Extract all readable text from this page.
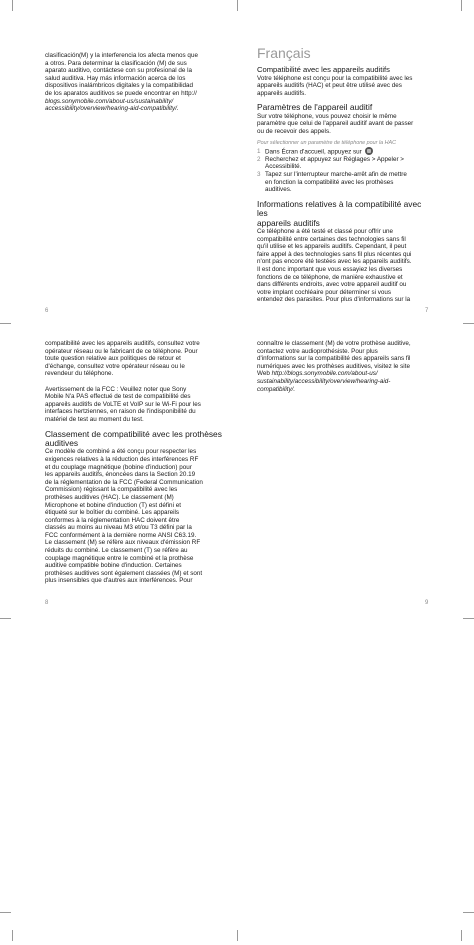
clasificación(M) y la interferencia los afecta menos que

a otros. Para determinar la clasificación (M) de sus

aparato auditivo, contáctese con su profesional de la

salud auditiva. Hay más información acerca de los

dispositivos inalámbricos digitales y la compatibilidad

de los aparatos auditivos se puede encontrar en http://

blogs.sonymobile.com/about-us/sustainability/

accessibility/overview/hearing-aid-compatibility/.

6
Français
Compatibilité avec les appareils auditifs

Votre téléphone est conçu pour la compatibilité avec les

appareils auditifs (HAC) et peut être utilisé avec des

appareils auditifs.

Paramètres de l'appareil auditif

Sur votre téléphone, vous pouvez choisir le même

paramètre que celui de l'appareil auditif avant de passer

ou de recevoir des appels.

Pour sélectionner un paramètre de téléphone pour la HAC
1 Dans Écran d'accueil, appuyez sur
2 Recherchez et appuyez sur Réglages > Appeler >
Accessibilité.
3 Tapez sur l'interrupteur marche-arrêt afin de mettre
en fonction la compatibilité avec les prothèses
auditives.
Informations relatives à la compatibilité avec les
appareils auditifs

Ce téléphone a été testé et classé pour offrir une

compatibilité entre certaines des technologies sans fil

qu'il utilise et les appareils auditifs. Cependant, il peut

faire appel à des technologies sans fil plus récentes qui

n'ont pas encore été testées avec les appareils auditifs.

Il est donc important que vous essayiez les diverses

fonctions de ce téléphone, de manière exhaustive et

dans différents endroits, avec votre appareil auditif ou

votre implant cochléaire pour déterminer si vous

entendez des parasites. Pour plus d'informations sur la

7

compatibilité avec les appareils auditifs, consultez votre

opérateur réseau ou le fabricant de ce téléphone. Pour

toute question relative aux politiques de retour et

d'échange, consultez votre opérateur réseau ou le

revendeur du téléphone.

Avertissement de la FCC : Veuillez noter que Sony

Mobile N'a PAS effectué de test de compatibilité des

appareils auditifs de VoLTE et VoIP sur le Wi-Fi pour les

interfaces hertziennes, en raison de l'indisponibilité du

matériel de test au moment du test.

Classement de compatibilité avec les prothèses
auditives

Ce modèle de combiné a été conçu pour respecter les

exigences relatives à la réduction des interférences RF

et du couplage magnétique (bobine d'induction) pour

les appareils auditifs, énoncées dans la Section 20.19

de la réglementation de la FCC (Federal Communication

Commission) régissant la compatibilité avec les

prothèses auditives (HAC). Le classement (M)

Microphone et bobine d'induction (T) est défini et

étiqueté sur le boîtier du combiné. Les appareils

conformes à la réglementation HAC doivent être

classés au moins au niveau M3 et/ou T3 défini par la

FCC conformément à la dernière norme ANSI C63.19.

Le classement (M) se réfère aux niveaux d'émission RF

réduits du combiné. Le classement (T) se réfère au

couplage magnétique entre le combiné et la prothèse

auditive compatible bobine d'induction. Certaines

prothèses auditives sont également classées (M) et sont

plus insensibles que d'autres aux interférences. Pour

8

connaître le classement (M) de votre prothèse auditive,

contactez votre audioprothésiste. Pour plus

d'informations sur la compatibilité des appareils sans fil

numériques avec les prothèses auditives, visitez le site

Web http://blogs.sonymobile.com/about-us/

sustainability/accessibility/overview/hearing-aid-

compatibility/.

9
